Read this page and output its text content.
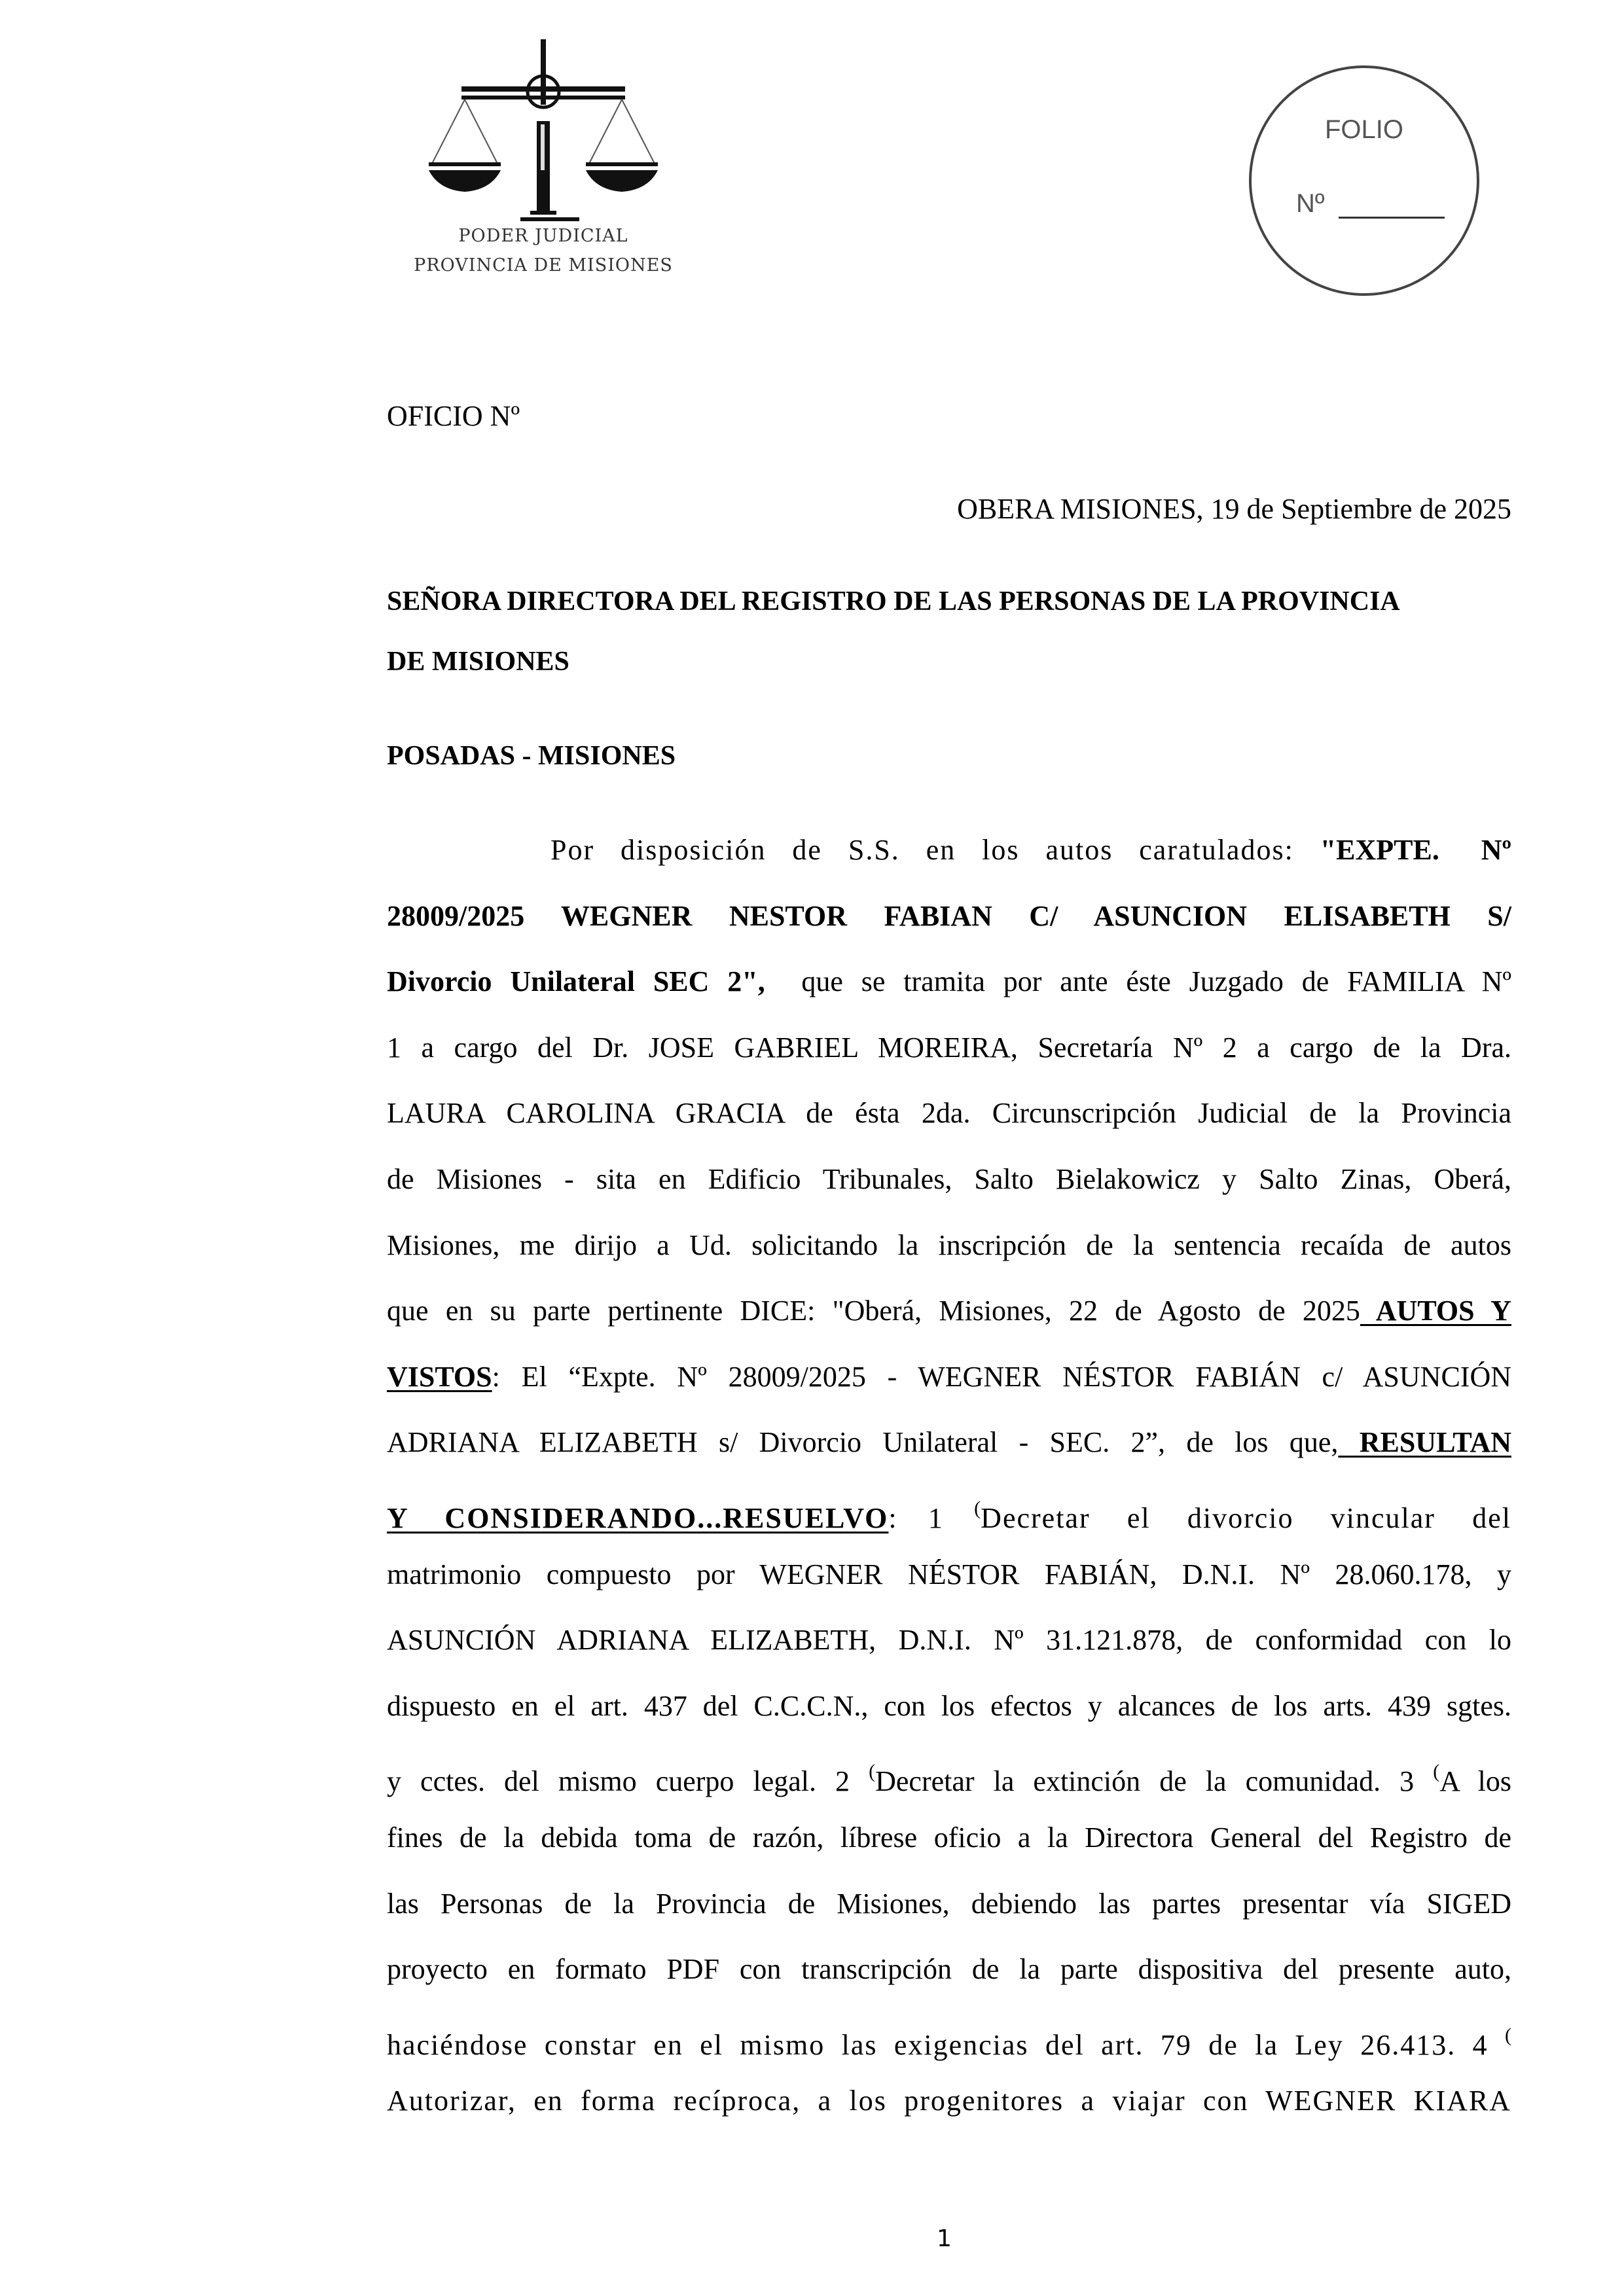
PODER JUDICIAL
PROVINCIA DE MISIONES
FOLIO
Nº
OFICIO Nº
OBERA MISIONES, 19 de Septiembre de 2025
SEÑORA DIRECTORA DEL REGISTRO DE LAS PERSONAS DE LA PROVINCIA
DE MISIONES
POSADAS - MISIONES
Por disposición de S.S. en los autos caratulados: "EXPTE.  Nº
28009/2025 WEGNER NESTOR FABIAN C/ ASUNCION ELISABETH S/
Divorcio Unilateral SEC 2",  que se tramita por ante éste Juzgado de FAMILIA Nº
1 a cargo del Dr. JOSE GABRIEL MOREIRA, Secretaría Nº 2 a cargo de la Dra.
LAURA CAROLINA GRACIA de ésta 2da. Circunscripción Judicial de la Provincia
de Misiones - sita en Edificio Tribunales, Salto Bielakowicz y Salto Zinas, Oberá,
Misiones, me dirijo a Ud. solicitando la inscripción de la sentencia recaída de autos
que en su parte pertinente DICE: "Oberá, Misiones, 22 de Agosto de 2025 AUTOS Y
VISTOS: El “Expte. Nº 28009/2025 - WEGNER NÉSTOR FABIÁN c/ ASUNCIÓN
ADRIANA ELIZABETH s/ Divorcio Unilateral - SEC. 2”, de los que, RESULTAN
Y CONSIDERANDO...RESUELVO: 1 (Decretar el divorcio vincular del
matrimonio compuesto por WEGNER NÉSTOR FABIÁN, D.N.I. Nº 28.060.178, y
ASUNCIÓN ADRIANA ELIZABETH, D.N.I. Nº 31.121.878, de conformidad con lo
dispuesto en el art. 437 del C.C.C.N., con los efectos y alcances de los arts. 439 sgtes.
y cctes. del mismo cuerpo legal. 2 (Decretar la extinción de la comunidad. 3 (A los
fines de la debida toma de razón, líbrese oficio a la Directora General del Registro de
las Personas de la Provincia de Misiones, debiendo las partes presentar vía SIGED
proyecto en formato PDF con transcripción de la parte dispositiva del presente auto,
haciéndose constar en el mismo las exigencias del art. 79 de la Ley 26.413. 4 (
Autorizar, en forma recíproca, a los progenitores a viajar con WEGNER KIARA
1
